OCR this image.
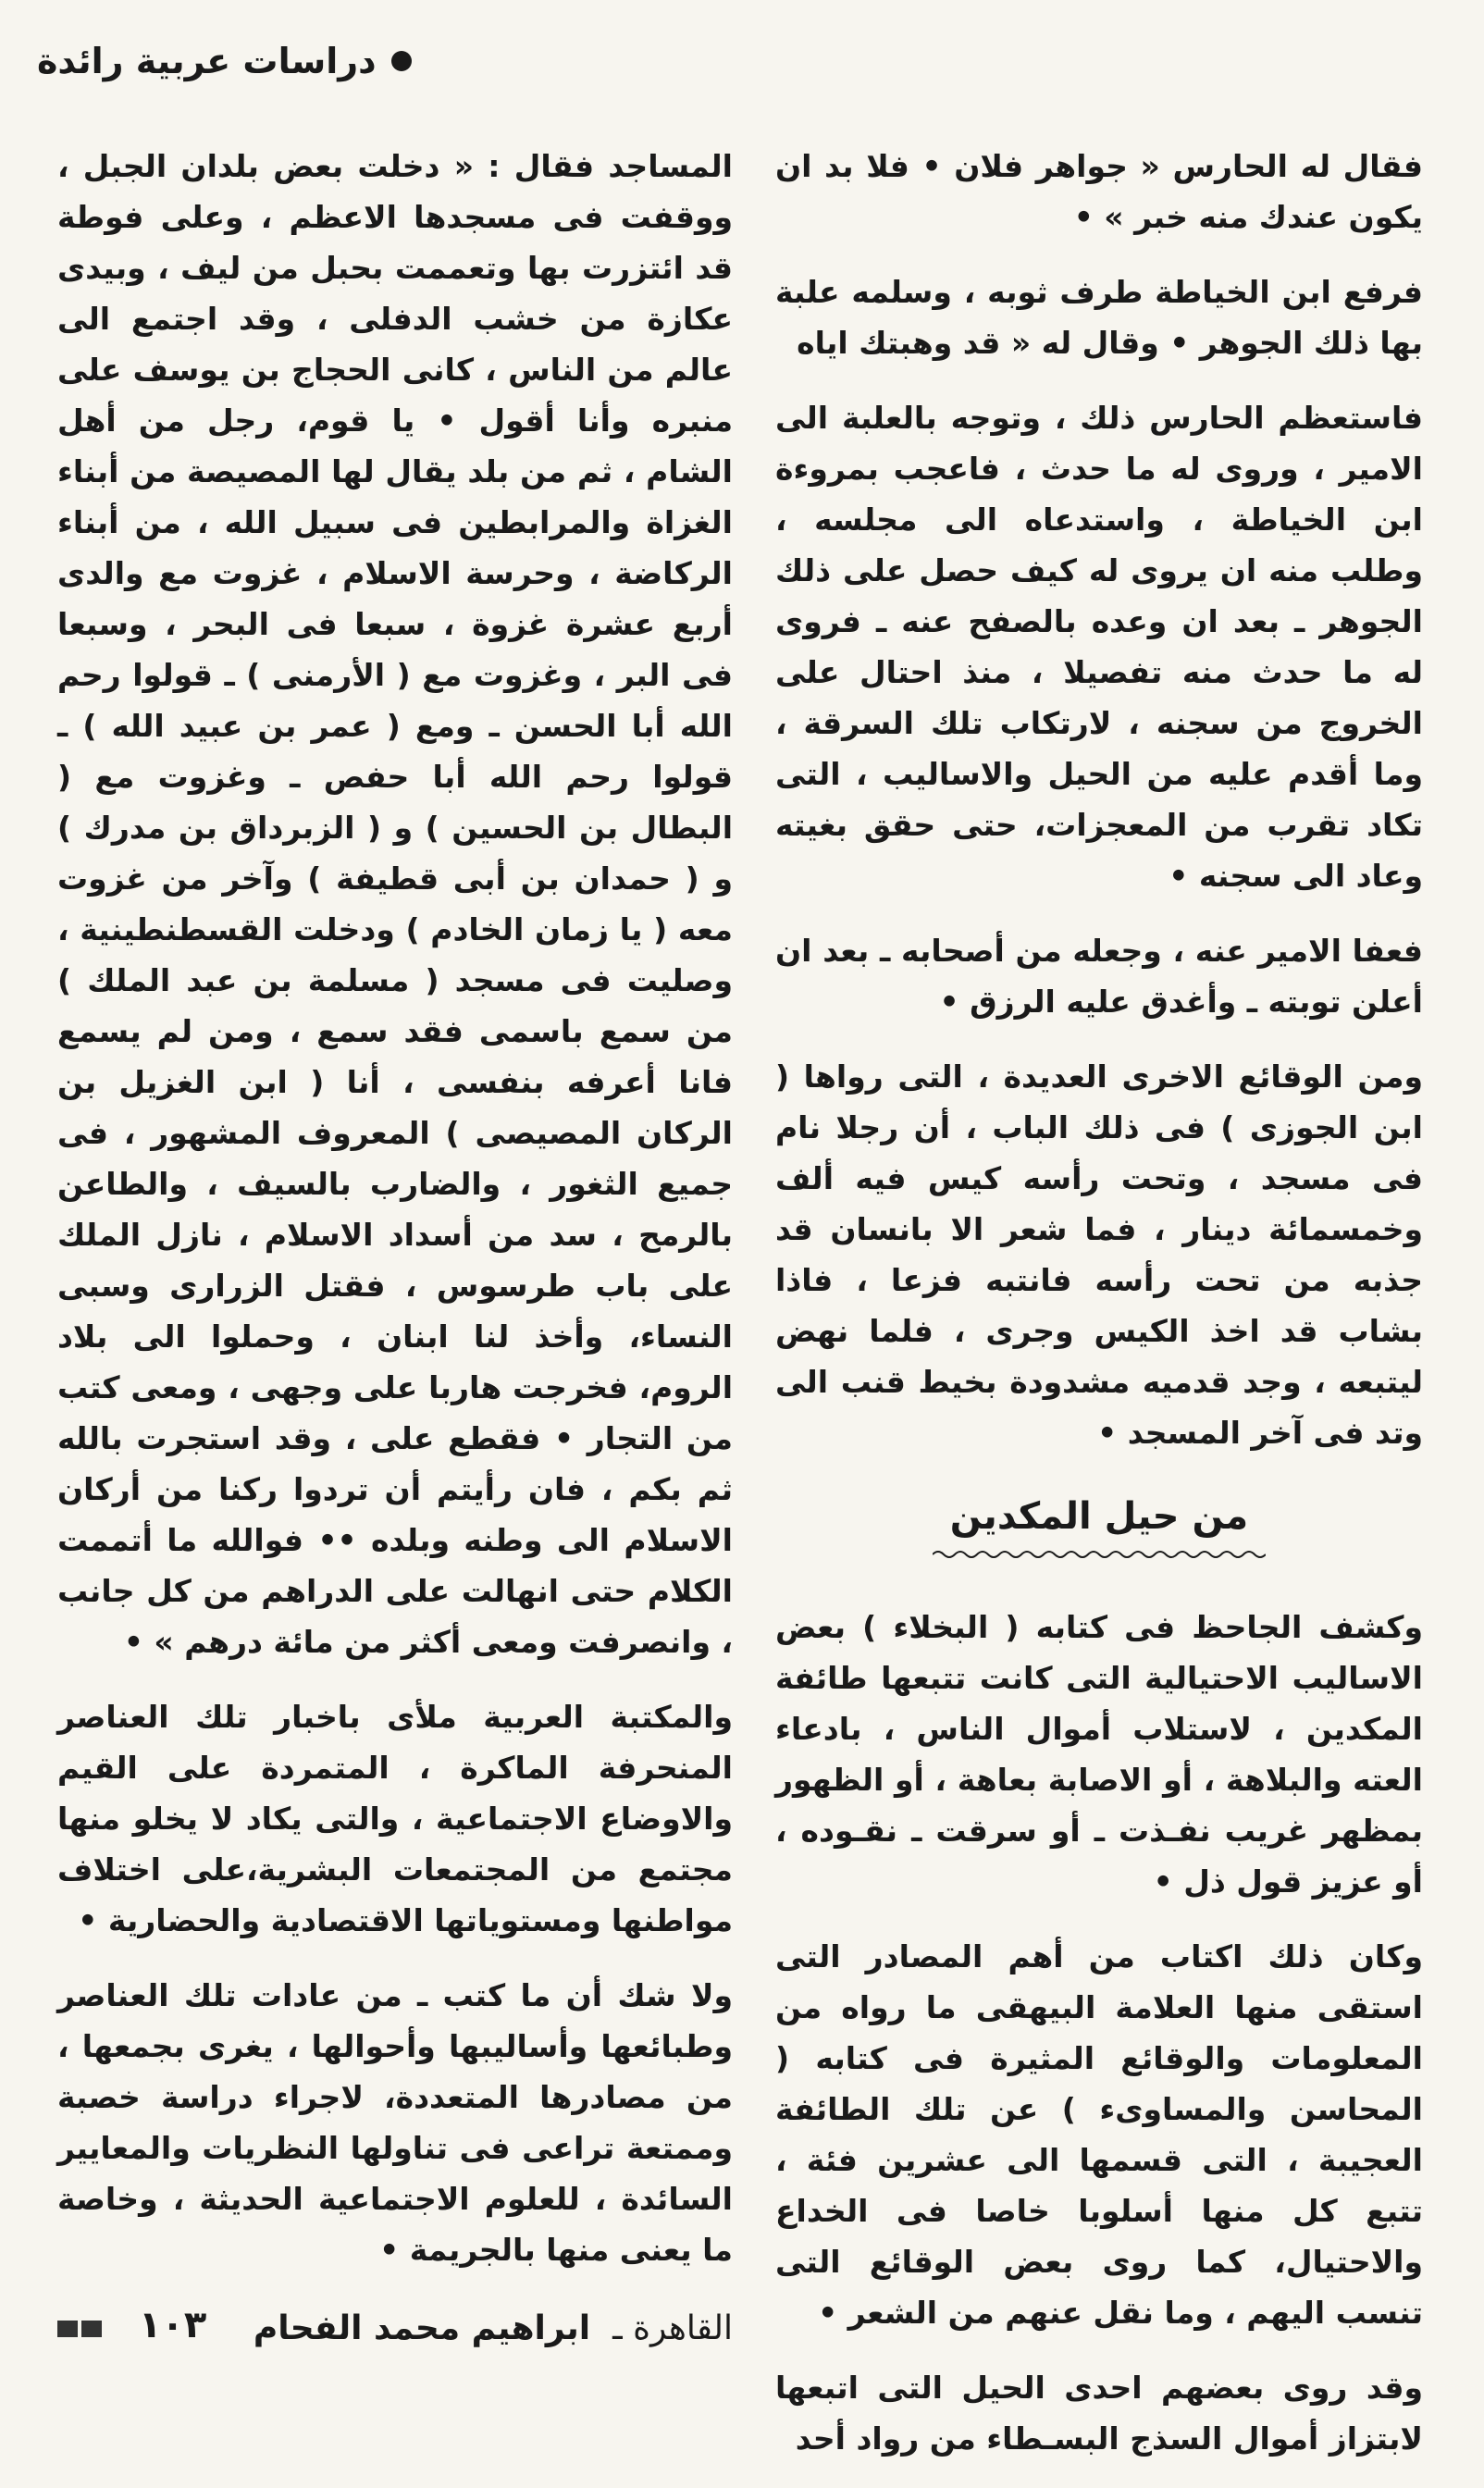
دراسات عربية رائدة

فقال له الحارس « جواهر فلان • فلا بد ان يكون عندك منه خبر » •

فرفع ابن الخياطة طرف ثوبه ، وسلمه علبة بها ذلك الجوهر • وقال له « قد وهبتك اياه

فاستعظم الحارس ذلك ، وتوجه بالعلبة الى الامير ، وروى له ما حدث ، فاعجب بمروءة ابن الخياطة ، واستدعاه الى مجلسه ، وطلب منه ان يروى له كيف حصل على ذلك الجوهر ـ بعد ان وعده بالصفح عنه ـ فروى له ما حدث منه تفصيلا ، منذ احتال على الخروج من سجنه ، لارتكاب تلك السرقة ، وما أقدم عليه من الحيل والاساليب ، التى تكاد تقرب من المعجزات، حتى حقق بغيته وعاد الى سجنه •

فعفا الامير عنه ، وجعله من أصحابه ـ بعد ان أعلن توبته ـ وأغدق عليه الرزق •

ومن الوقائع الاخرى العديدة ، التى رواها ( ابن الجوزى ) فى ذلك الباب ، أن رجلا نام فى مسجد ، وتحت رأسه كيس فيه ألف وخمسمائة دينار ، فما شعر الا بانسان قد جذبه من تحت رأسه فانتبه فزعا ، فاذا بشاب قد اخذ الكيس وجرى ، فلما نهض ليتبعه ، وجد قدميه مشدودة بخيط قنب الى وتد فى آخر المسجد •

من حيل المكدين

وكشف الجاحظ فى كتابه ( البخلاء ) بعض الاساليب الاحتيالية التى كانت تتبعها طائفة المكدين ، لاستلاب أموال الناس ، بادعاء العته والبلاهة ، أو الاصابة بعاهة ، أو الظهور بمظهر غريب نفـذت ـ أو سرقت ـ نقـوده ، أو عزيز قول ذل •

وكان ذلك اكتاب من أهم المصادر التى استقى منها العلامة البيهقى ما رواه من المعلومات والوقائع المثيرة فى كتابه ( المحاسن والمساوىء ) عن تلك الطائفة العجيبة ، التى قسمها الى عشرين فئة ، تتبع كل منها أسلوبا خاصا فى الخداع والاحتيال، كما روى بعض الوقائع التى تنسب اليهم ، وما نقل عنهم من الشعر •

وقد روى بعضهم احدى الحيل التى اتبعها لابتزاز أموال السذج البسـطاء من رواد أحد

المساجد فقال : « دخلت بعض بلدان الجبل ، ووقفت فى مسجدها الاعظم ، وعلى فوطة قد ائتزرت بها وتعممت بحبل من ليف ، وبيدى عكازة من خشب الدفلى ، وقد اجتمع الى عالم من الناس ، كانى الحجاج بن يوسف على منبره وأنا أقول • يا قوم، رجل من أهل الشام ، ثم من بلد يقال لها المصيصة من أبناء الغزاة والمرابطين فى سبيل الله ، من أبناء الركاضة ، وحرسة الاسلام ، غزوت مع والدى أربع عشرة غزوة ، سبعا فى البحر ، وسبعا فى البر ، وغزوت مع ( الأرمنى ) ـ قولوا رحم الله أبا الحسن ـ ومع ( عمر بن عبيد الله ) ـ قولوا رحم الله أبا حفص ـ وغزوت مع ( البطال بن الحسين ) و ( الزبرداق بن مدرك ) و ( حمدان بن أبى قطيفة ) وآخر من غزوت معه ( يا زمان الخادم ) ودخلت القسطنطينية ، وصليت فى مسجد ( مسلمة بن عبد الملك ) من سمع باسمى فقد سمع ، ومن لم يسمع فانا أعرفه بنفسى ، أنا ( ابن الغزيل بن الركان المصيصى ) المعروف المشهور ، فى جميع الثغور ، والضارب بالسيف ، والطاعن بالرمح ، سد من أسداد الاسلام ، نازل الملك على باب طرسوس ، فقتل الزرارى وسبى النساء، وأخذ لنا ابنان ، وحملوا الى بلاد الروم، فخرجت هاربا على وجهى ، ومعى كتب من التجار • فقطع على ، وقد استجرت بالله ثم بكم ، فان رأيتم أن تردوا ركنا من أركان الاسلام الى وطنه وبلده •• فوالله ما أتممت الكلام حتى انهالت على الدراهم من كل جانب ، وانصرفت ومعى أكثر من مائة درهم » •

والمكتبة العربية ملأى باخبار تلك العناصر المنحرفة الماكرة ، المتمردة على القيم والاوضاع الاجتماعية ، والتى يكاد لا يخلو منها مجتمع من المجتمعات البشرية،على اختلاف مواطنها ومستوياتها الاقتصادية والحضارية •

ولا شك أن ما كتب ـ من عادات تلك العناصر وطبائعها وأساليبها وأحوالها ، يغرى بجمعها ، من مصادرها المتعددة، لاجراء دراسة خصبة وممتعة تراعى فى تناولها النظريات والمعايير السائدة ، للعلوم الاجتماعية الحديثة ، وخاصة ما يعنى منها بالجريمة •

القاهرة ـ
ابراهيم محمد الفحام
١٠٣
